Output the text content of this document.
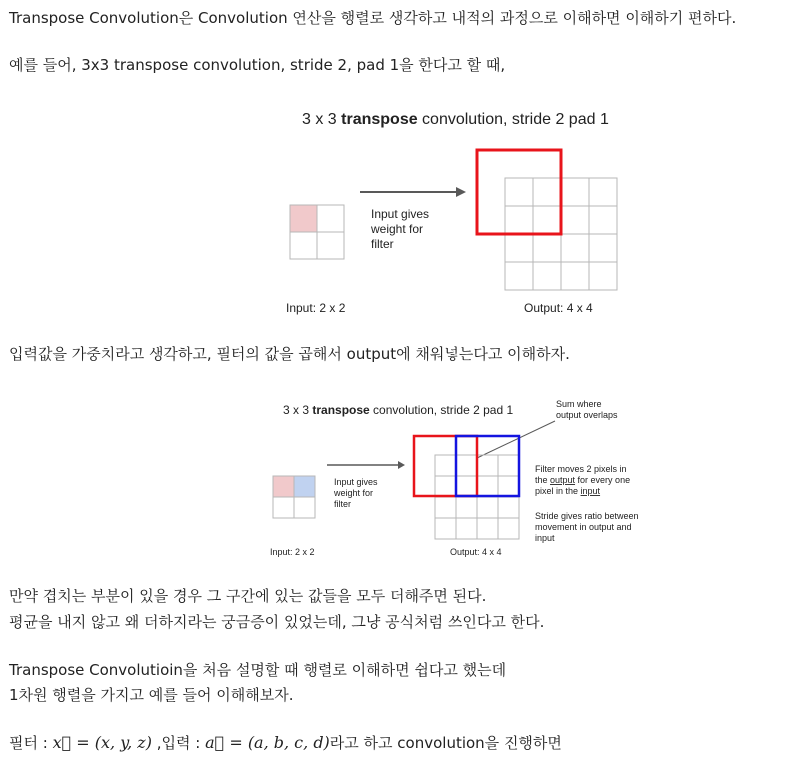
Transpose Convolution은 Convolution 연산을 행렬로 생각하고 내적의 과정으로 이해하면 이해하기 편하다.

예를 들어, 3x3 transpose convolution, stride 2, pad 1을 한다고 할 때,

3 x 3 transpose convolution, stride 2 pad 1
Input gives
weight for
filter
Input: 2 x 2	Output: 4 x 4

입력값을 가중치라고 생각하고, 필터의 값을 곱해서 output에 채워넣는다고 이해하자.

3 x 3 transpose convolution, stride 2 pad 1	Sum where
output overlaps
Input gives
weight for
filter
Filter moves 2 pixels in
the output for every one
pixel in the input
Stride gives ratio between
movement in output and
input
Input: 2 x 2	Output: 4 x 4

만약 겹치는 부분이 있을 경우 그 구간에 있는 값들을 모두 더해주면 된다.

평균을 내지 않고 왜 더하지라는 궁금증이 있었는데, 그냥 공식처럼 쓰인다고 한다.

Transpose Convolutioin을 처음 설명할 때 행렬로 이해하면 쉽다고 했는데

1차원 행렬을 가지고 예를 들어 이해해보자.

필터 : x⃗ = (x, y, z) ,입력 : a⃗ = (a, b, c, d)라고 하고 convolution을 진행하면
